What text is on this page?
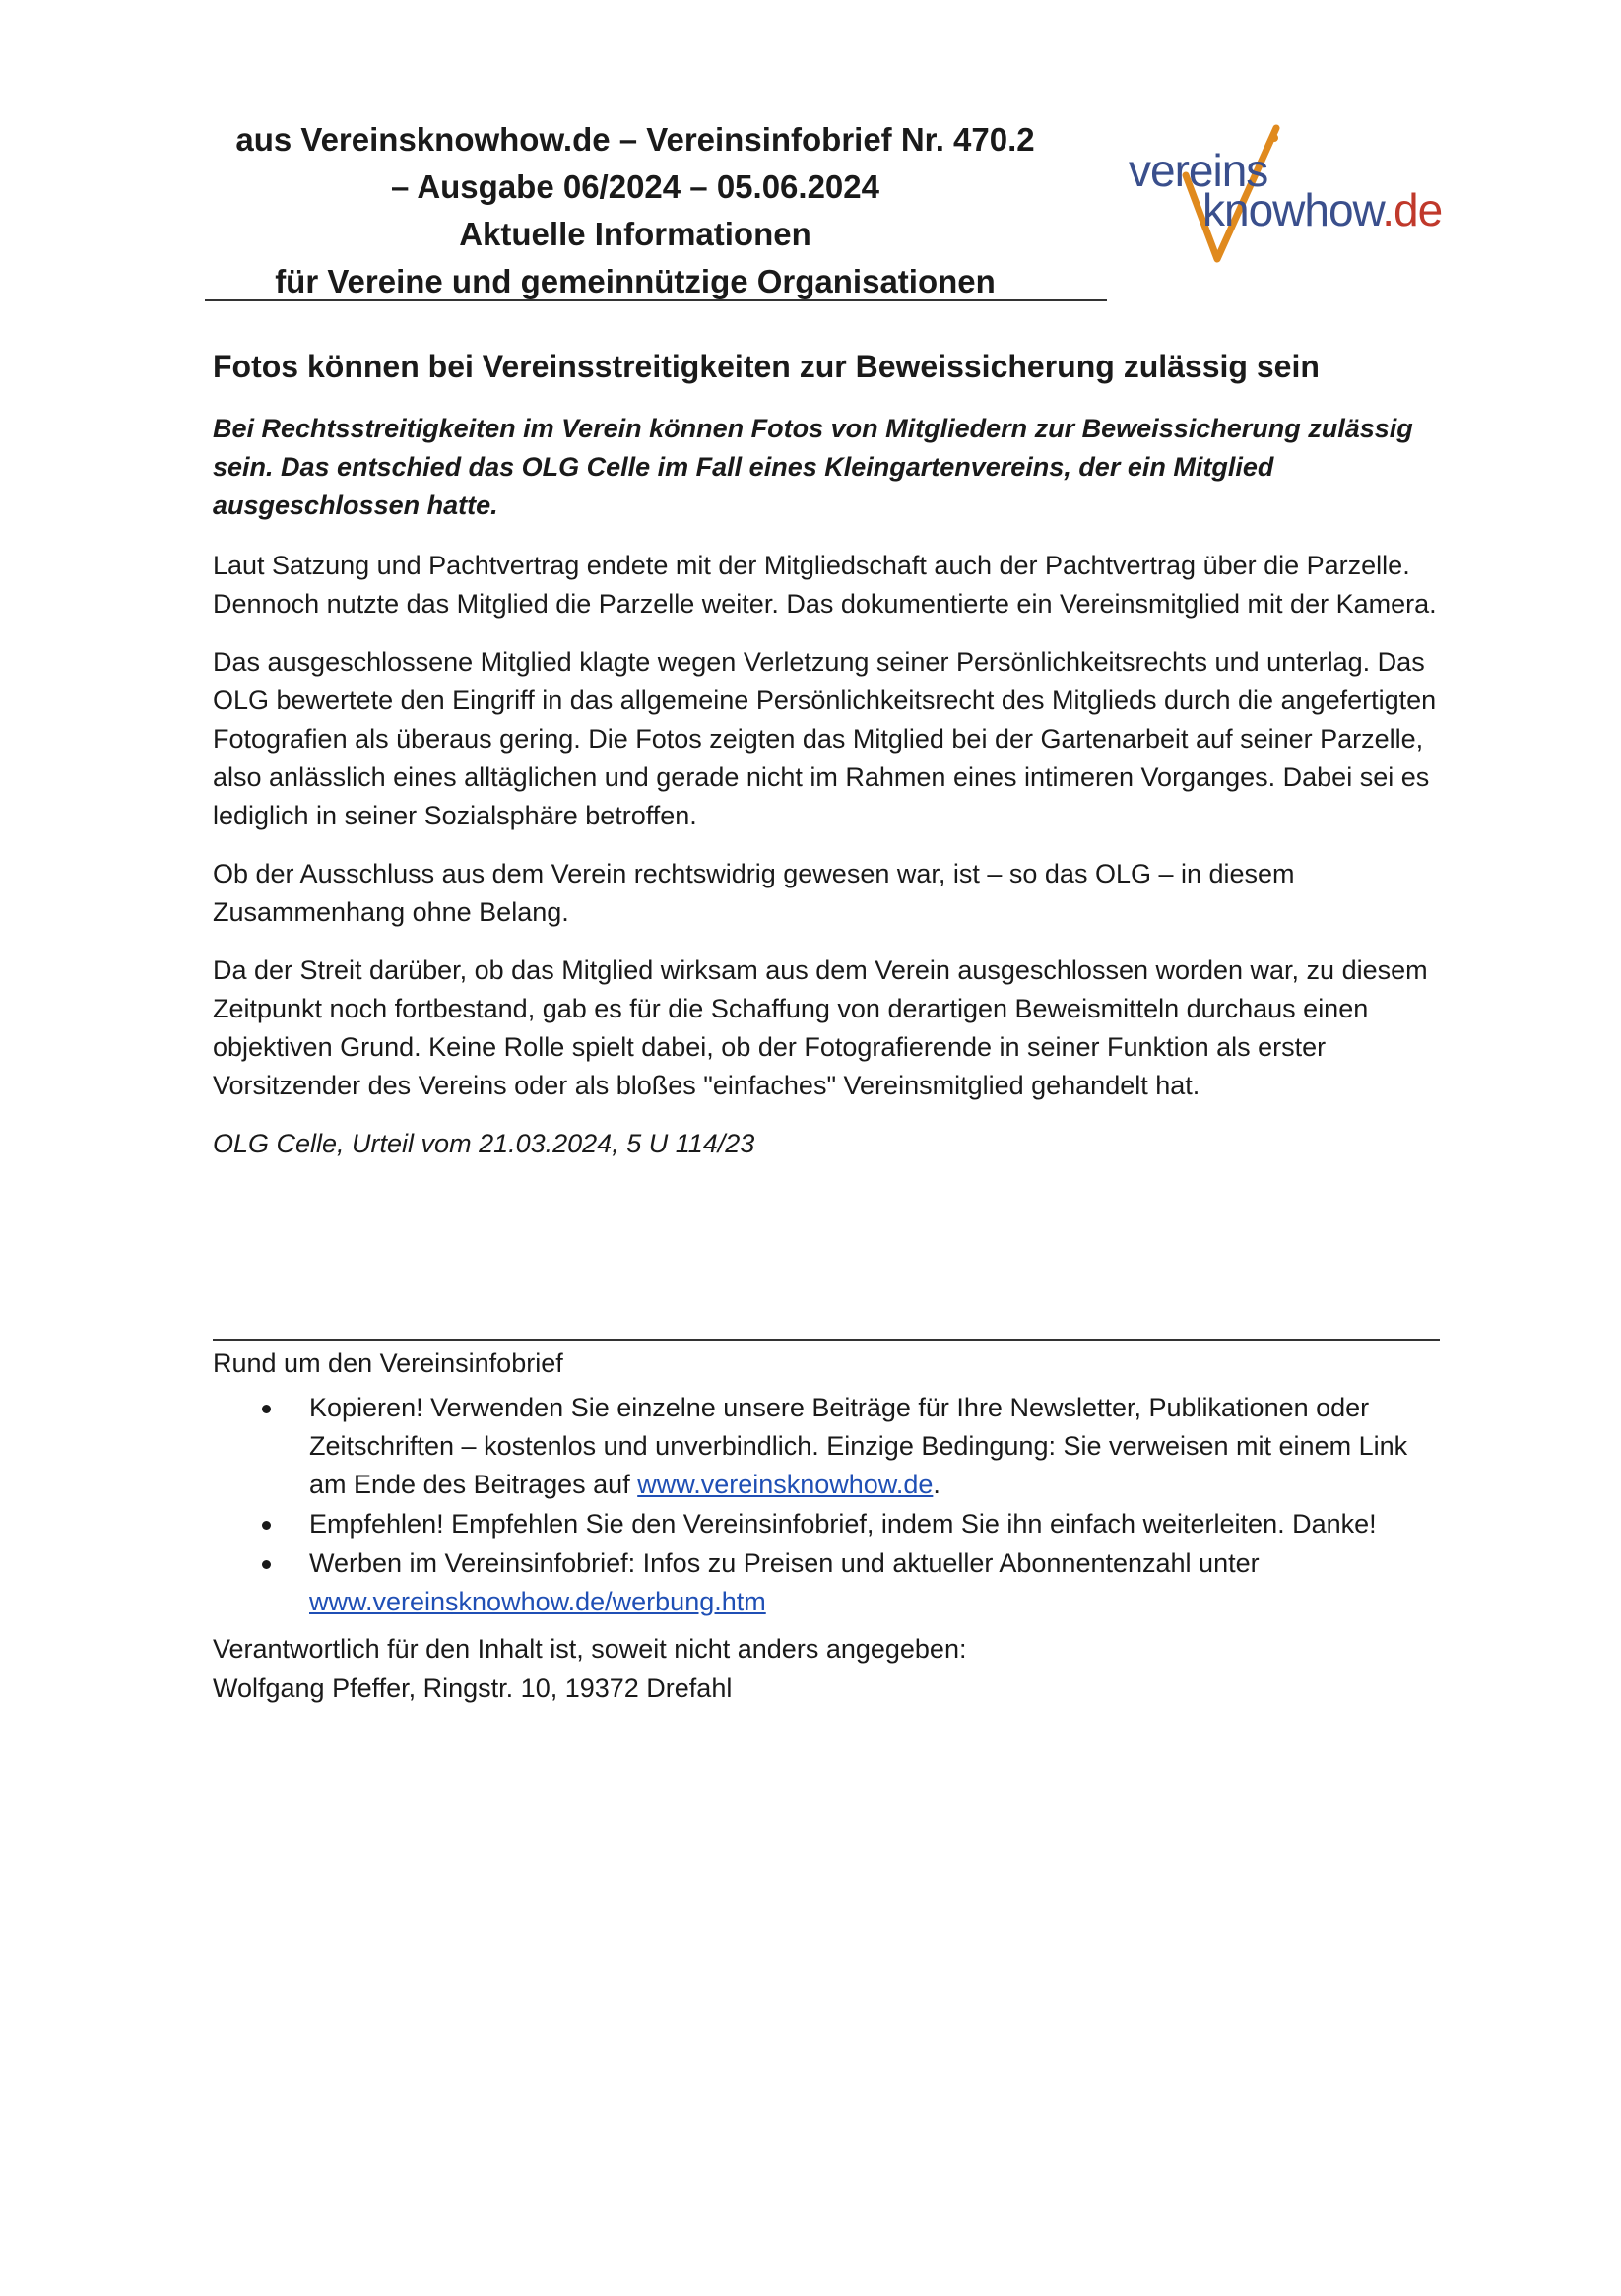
aus Vereinsknowhow.de – Vereinsinfobrief Nr. 470.2
– Ausgabe 06/2024 – 05.06.2024
Aktuelle Informationen
für Vereine und gemeinnützige Organisationen
vereins
knowhow.de
Fotos können bei Vereinsstreitigkeiten zur Beweissicherung zulässig sein

Bei Rechtsstreitigkeiten im Verein können Fotos von Mitgliedern zur Beweissicherung zulässig sein. Das entschied das OLG Celle im Fall eines Kleingartenvereins, der ein Mitglied ausgeschlossen hatte.

Laut Satzung und Pachtvertrag endete mit der Mitgliedschaft auch der Pachtvertrag über die Parzelle. Dennoch nutzte das Mitglied die Parzelle weiter. Das dokumentierte ein Vereinsmitglied mit der Kamera.

Das ausgeschlossene Mitglied klagte wegen Verletzung seiner Persönlichkeitsrechts und unterlag. Das OLG bewertete den Eingriff in das allgemeine Persönlichkeitsrecht des Mitglieds durch die angefertigten Fotografien als überaus gering. Die Fotos zeigten das Mitglied bei der Gartenarbeit auf seiner Parzelle, also anlässlich eines alltäglichen und gerade nicht im Rahmen eines intimeren Vorganges. Dabei sei es lediglich in seiner Sozialsphäre betroffen.

Ob der Ausschluss aus dem Verein rechtswidrig gewesen war, ist – so das OLG – in diesem Zusammenhang ohne Belang.

Da der Streit darüber, ob das Mitglied wirksam aus dem Verein ausgeschlossen worden war, zu diesem Zeitpunkt noch fortbestand, gab es für die Schaffung von derartigen Beweismitteln durchaus einen objektiven Grund. Keine Rolle spielt dabei, ob der Fotografierende in seiner Funktion als erster Vorsitzender des Vereins oder als bloßes "einfaches" Vereinsmitglied gehandelt hat.

OLG Celle, Urteil vom 21.03.2024, 5 U 114/23

Rund um den Vereinsinfobrief

Kopieren! Verwenden Sie einzelne unsere Beiträge für Ihre Newsletter, Publikationen oder Zeitschriften – kostenlos und unverbindlich. Einzige Bedingung: Sie verweisen mit einem Link am Ende des Beitrages auf www.vereinsknowhow.de.
Empfehlen! Empfehlen Sie den Vereinsinfobrief, indem Sie ihn einfach weiterleiten. Danke!
Werben im Vereinsinfobrief: Infos zu Preisen und aktueller Abonnentenzahl unter
www.vereinsknowhow.de/werbung.htm

Verantwortlich für den Inhalt ist, soweit nicht anders angegeben:

Wolfgang Pfeffer, Ringstr. 10, 19372 Drefahl
